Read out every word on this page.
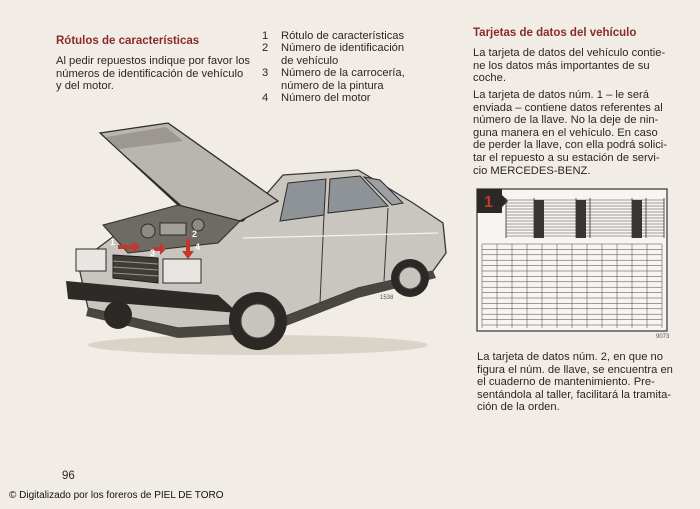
Rótulos de características
Al pedir repuestos indique por favor los
números de identificación de vehículo
y del motor.
1	Rótulo de características
2	Número de identificación
de vehículo
3	Número de la carrocería,
número de la pintura
4	Número del motor
1
2
3
4
1538
Tarjetas de datos del vehículo
La tarjeta de datos del vehículo contie-
ne los datos más importantes de su
coche.
La tarjeta de datos núm. 1 – le será
enviada – contiene datos referentes al
número de la llave. No la deje de nin-
guna manera en el vehículo. En caso
de perder la llave, con ella podrá solici-
tar el repuesto a su estación de servi-
cio MERCEDES-BENZ.
1
9073
La tarjeta de datos núm. 2, en que no
figura el núm. de llave, se encuentra en
el cuaderno de mantenimiento. Pre-
sentándola al taller, facilitará la tramita-
ción de la orden.
96
© Digitalizado por los foreros de PIEL DE TORO
